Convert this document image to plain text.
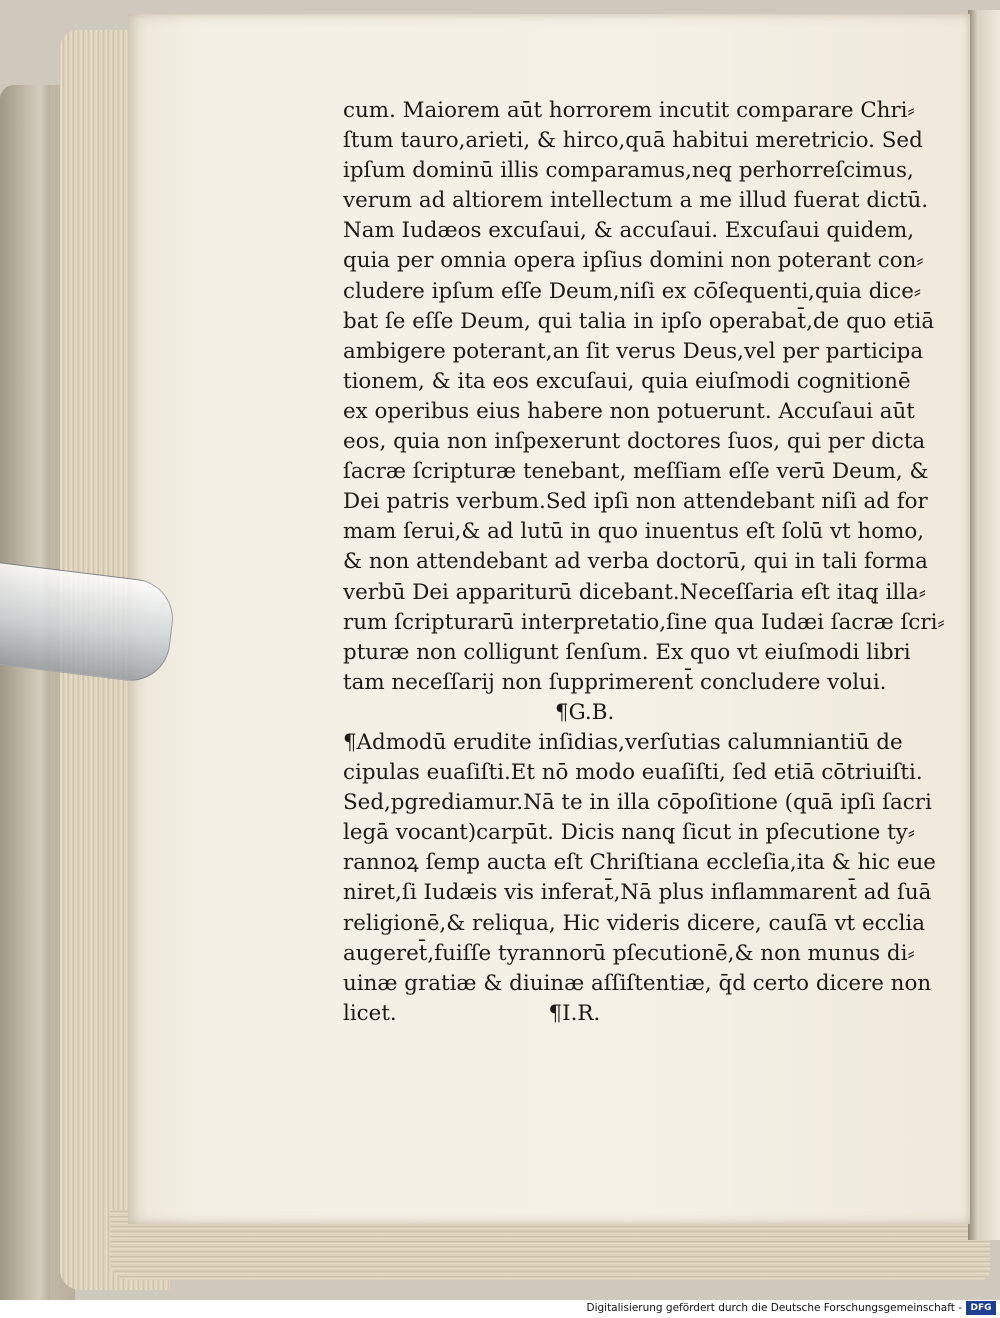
cum. Maiorem aūt horrorem incutit comparare Chri⸗
ſtum tauro,arieti, & hirco,quā habitui meretricio. Sed
ipſum dominū illis comparamus,neq̨ perhorreſcimus,
verum ad altiorem intellectum a me illud fuerat dictū.
Nam Iudæos excuſaui, & accuſaui. Excuſaui quidem,
quia per omnia opera ipſius domini non poterant con⸗
cludere ipſum eſſe Deum,niſi ex cōſequenti,quia dice⸗
bat ſe eſſe Deum, qui talia in ipſo operabat̄,de quo etiā
ambigere poterant,an ſit verus Deus,vel per participa
tionem, & ita eos excuſaui, quia eiuſmodi cognitionē
ex operibus eius habere non potuerunt. Accuſaui aūt
eos, quia non inſpexerunt doctores ſuos, qui per dicta
ſacræ ſcripturæ tenebant, meſſiam eſſe verū Deum, &
Dei patris verbum.Sed ipſi non attendebant niſi ad for
mam ſerui,& ad lutū in quo inuentus eſt ſolū vt homo,
& non attendebant ad verba doctorū, qui in tali forma
verbū Dei appariturū dicebant.Neceſſaria eſt itaq̨ illa⸗
rum ſcripturarū interpretatio,ſine qua Iudæi ſacræ ſcri⸗
pturæ non colligunt ſenſum. Ex quo vt eiuſmodi libri
tam neceſſarij non ſupprimerent̄ concludere volui.
¶G.B.
¶Admodū erudite inſidias,verſutias calumniantiū de
cipulas euaſiſti.Et nō modo euaſiſti, ſed etiā cōtriuiſti.
Sed,pgrediamur.Nā te in illa cōpoſitione (quā ipſi ſacri
legā vocant)carpūt. Dicis nanq̨ ſicut in pſecutione ty⸗
rannoꝝ ſemp aucta eſt Chriſtiana eccleſia,ita & hic eue
niret,ſi Iudæis vis inferat̄,Nā plus inflammarent̄ ad ſuā
religionē,& reliqua, Hic videris dicere, cauſā vt ecclia
augeret̄,fuiſſe tyrannorū pſecutionē,& non munus di⸗
uinæ gratiæ & diuinæ aſſiſtentiæ, q̄d certo dicere non
licet.	¶I.R.
Digitalisierung gefördert durch die Deutsche Forschungsgemeinschaft - DFG
